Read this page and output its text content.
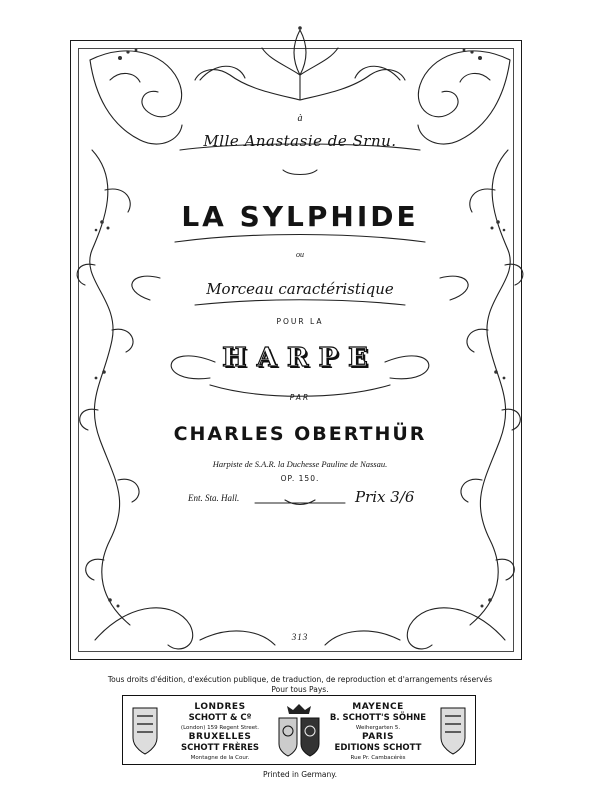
à
Mlle Anastasie de Srnu.
LA SYLPHIDE
ou
Morceau caractéristique
POUR LA
HARPE
PAR
CHARLES OBERTHÜR
Harpiste de S.A.R. la Duchesse Pauline de Nassau.
OP. 150.
Ent. Sta. Hall.	Prix 3/6
313
Tous droits d'édition, d'exécution publique, de traduction, de reproduction et d'arrangements réservés
Pour tous Pays.
LONDRES
SCHOTT & Cº
(London) 159 Regent Street.
BRUXELLES
SCHOTT FRÈRES
Montagne de la Cour.
MAYENCE
B. SCHOTT'S SÖHNE
Weihergarten 5.
PARIS
EDITIONS SCHOTT
Rue Pr. Cambacérès
Printed in Germany.
